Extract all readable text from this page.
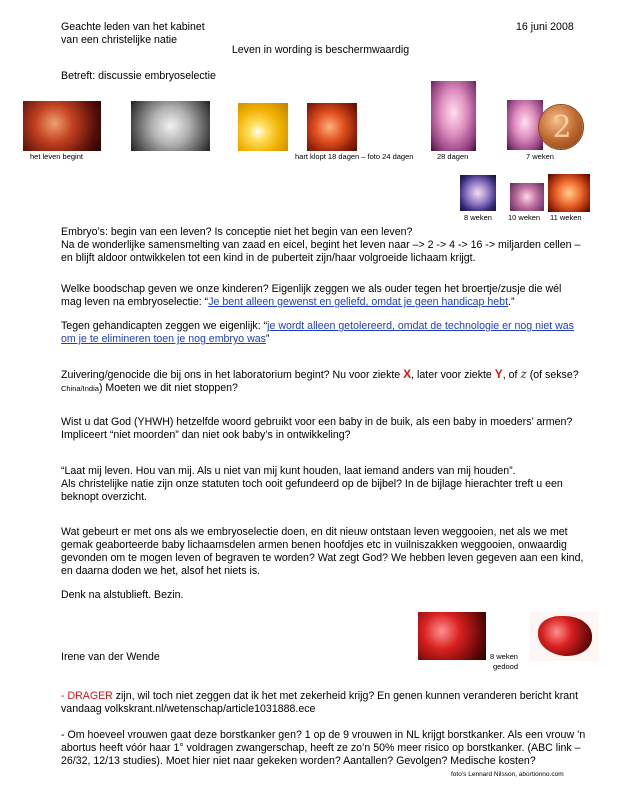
Geachte leden van het kabinet

van een christelijke natie

16 juni 2008
Leven in wording is beschermwaardig
Betreft: discussie embryoselectie
2
het leven begint	hart klopt 18 dagen – foto 24 dagen	28 dagen	7 weken
8 weken 10 weken 11 weken

Embryo’s: begin van een leven? Is conceptie niet het begin van een leven?

Na de wonderlijke samensmelting van zaad en eicel, begint het leven naar –> 2 -> 4 -> 16 -> miljarden cellen – en blijft aldoor ontwikkelen tot een kind in de puberteit zijn/haar volgroeide lichaam krijgt.

Welke boodschap geven we onze kinderen? Eigenlijk zeggen we als ouder tegen het broertje/zusje die wél mag leven na embryoselectie: “Je bent alleen gewenst en geliefd, omdat je geen handicap hebt.”

Tegen gehandicapten zeggen we eigenlijk: “je wordt alleen getolereerd, omdat de technologie er nog niet was om je te elimineren toen je nog embryo was”

Zuivering/genocide die bij ons in het laboratorium begint? Nu voor ziekte X, later voor ziekte Y, of z (of sekse?
China/India) Moeten we dit niet stoppen?

Wist u dat God (YHWH) hetzelfde woord gebruikt voor een baby in de buik, als een baby in moeders’ armen? Impliceert “niet moorden” dan niet ook baby’s in ontwikkeling?

“Laat mij leven. Hou van mij. Als u niet van mij kunt houden, laat iemand anders van mij houden”.

Als christelijke natie zijn onze statuten toch ooit gefundeerd op de bijbel? In de bijlage hierachter treft u een beknopt overzicht.

Wat gebeurt er met ons als we embryoselectie doen, en dit nieuw ontstaan leven weggooien, net als we met gemak geaborteerde baby lichaamsdelen armen benen hoofdjes etc in vuilniszakken weggooien, onwaardig gevonden om te mogen leven of begraven te worden? Wat zegt God? We hebben leven gegeven aan een kind, en daarna doden we het, alsof het niets is.

Denk na alstublieft. Bezin.
8 weken
gedood
Irene van der Wende

- DRAGER zijn, wil toch niet zeggen dat ik het met zekerheid krijg? En genen kunnen veranderen bericht krant vandaag volkskrant.nl/wetenschap/article1031888.ece

- Om hoeveel vrouwen gaat deze borstkanker gen? 1 op de 9 vrouwen in NL krijgt borstkanker. Als een vrouw ’n abortus heeft vóór haar 1° voldragen zwangerschap, heeft ze zo’n 50% meer risico op borstkanker. (ABC link – 26/32, 12/13 studies). Moet hier niet naar gekeken worden? Aantallen? Gevolgen? Medische kosten?

foto’s Lennard Nilsson, abortionno.com
